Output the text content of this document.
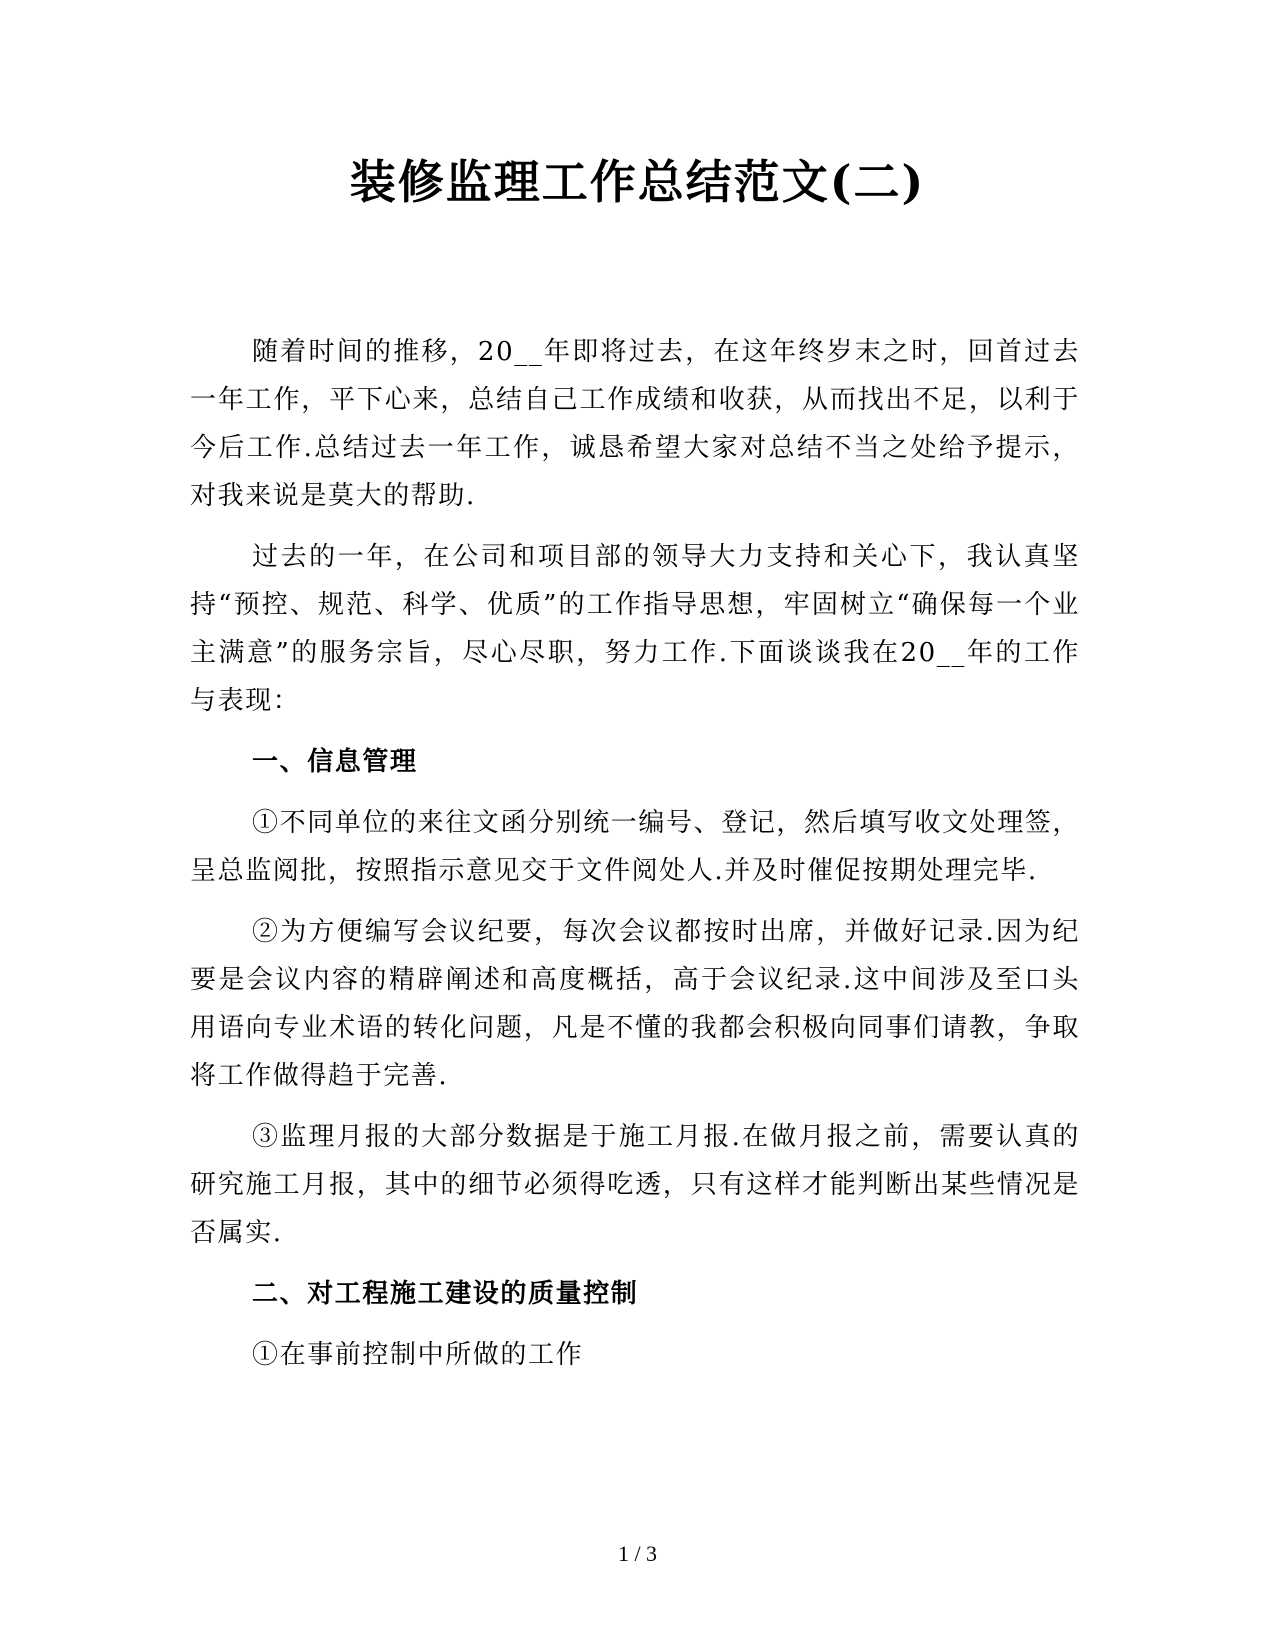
装修监理工作总结范文(二)

随着时间的推移，20__年即将过去，在这年终岁末之时，回首过去一年工作，平下心来，总结自己工作成绩和收获，从而找出不足，以利于今后工作.总结过去一年工作，诚恳希望大家对总结不当之处给予提示，对我来说是莫大的帮助.

过去的一年，在公司和项目部的领导大力支持和关心下，我认真坚持“预控、规范、科学、优质”的工作指导思想，牢固树立“确保每一个业主满意”的服务宗旨，尽心尽职，努力工作.下面谈谈我在20__年的工作与表现：

一、信息管理

①不同单位的来往文函分别统一编号、登记，然后填写收文处理签，呈总监阅批，按照指示意见交于文件阅处人.并及时催促按期处理完毕.

②为方便编写会议纪要，每次会议都按时出席，并做好记录.因为纪要是会议内容的精辟阐述和高度概括，高于会议纪录.这中间涉及至口头用语向专业术语的转化问题，凡是不懂的我都会积极向同事们请教，争取将工作做得趋于完善.

③监理月报的大部分数据是于施工月报.在做月报之前，需要认真的研究施工月报，其中的细节必须得吃透，只有这样才能判断出某些情况是否属实.

二、对工程施工建设的质量控制

①在事前控制中所做的工作

1 / 3
